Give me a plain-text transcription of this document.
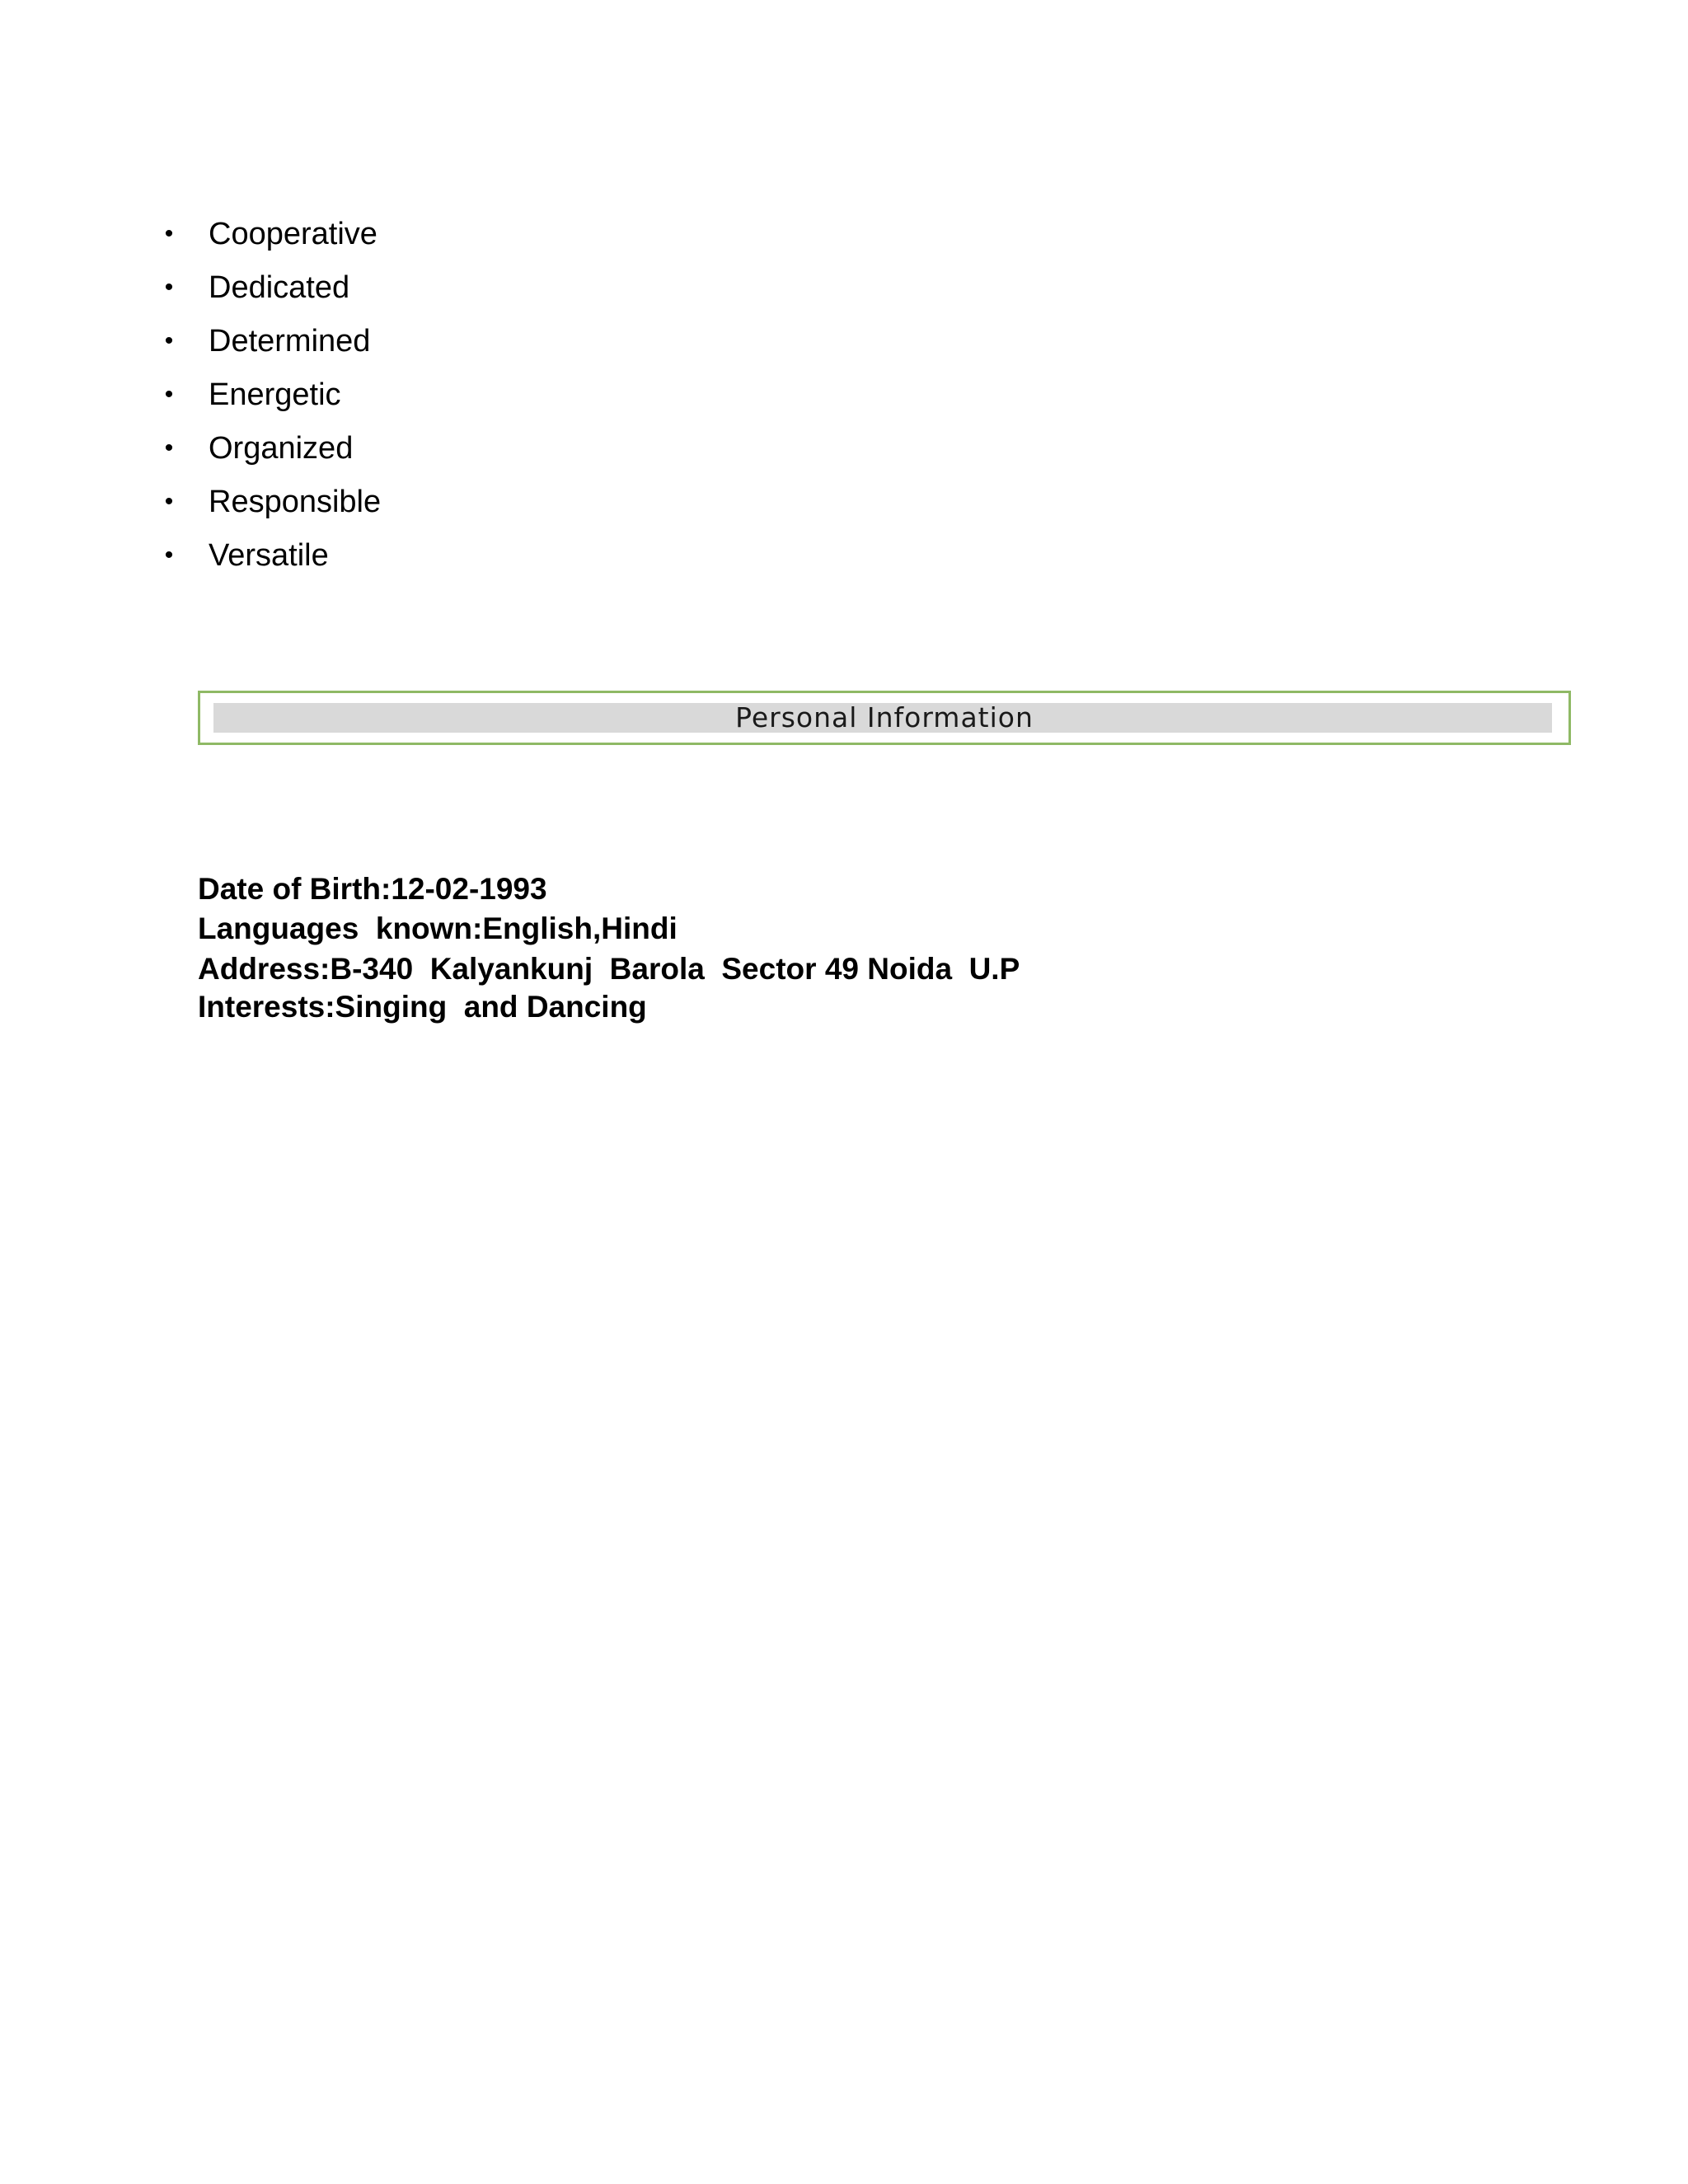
• Cooperative
• Dedicated
• Determined
• Energetic
• Organized
• Responsible
• Versatile
Personal Information
Date of Birth:12-02-1993
Languages  known:English,Hindi
Address:B-340  Kalyankunj  Barola  Sector 49 Noida  U.P
Interests:Singing  and Dancing
